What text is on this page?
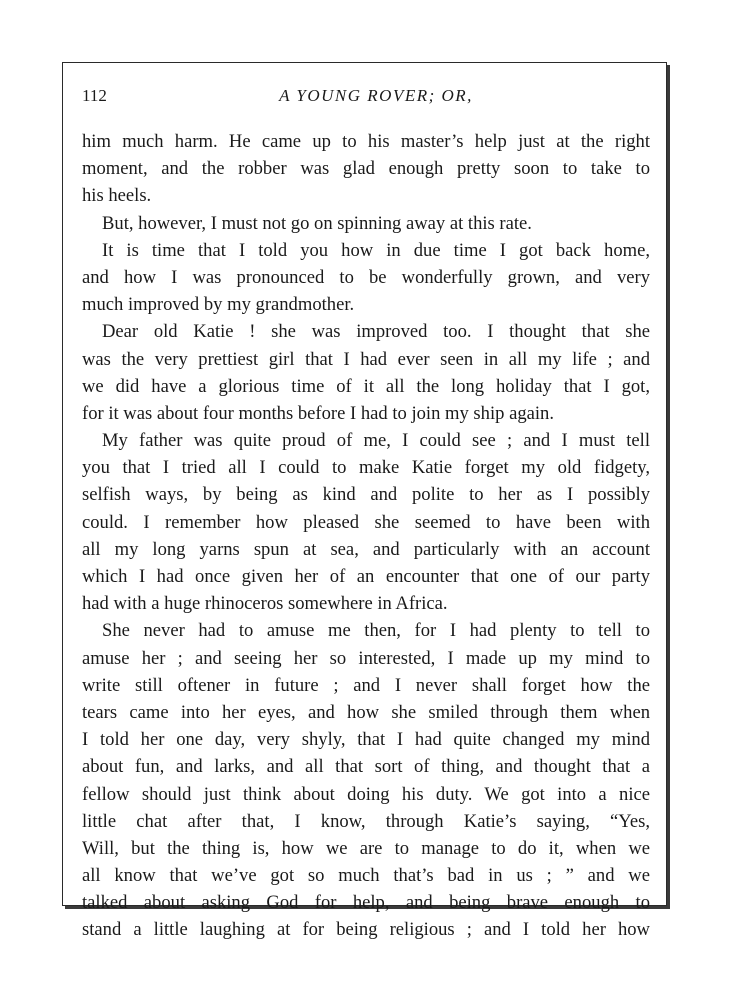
112	A YOUNG ROVER; OR,
him much harm. He came up to his master’s help just at the right
moment, and the robber was glad enough pretty soon to take to
his heels.
But, however, I must not go on spinning away at this rate.
It is time that I told you how in due time I got back home,
and how I was pronounced to be wonderfully grown, and very
much improved by my grandmother.
Dear old Katie ! she was improved too. I thought that she
was the very prettiest girl that I had ever seen in all my life ; and
we did have a glorious time of it all the long holiday that I got,
for it was about four months before I had to join my ship again.
My father was quite proud of me, I could see ; and I must tell
you that I tried all I could to make Katie forget my old fidgety,
selfish ways, by being as kind and polite to her as I possibly
could. I remember how pleased she seemed to have been with
all my long yarns spun at sea, and particularly with an account
which I had once given her of an encounter that one of our party
had with a huge rhinoceros somewhere in Africa.
She never had to amuse me then, for I had plenty to tell to
amuse her ; and seeing her so interested, I made up my mind to
write still oftener in future ; and I never shall forget how the
tears came into her eyes, and how she smiled through them when
I told her one day, very shyly, that I had quite changed my mind
about fun, and larks, and all that sort of thing, and thought that a
fellow should just think about doing his duty. We got into a nice
little chat after that, I know, through Katie’s saying, “Yes,
Will, but the thing is, how we are to manage to do it, when we
all know that we’ve got so much that’s bad in us ; ” and we
talked about asking God for help, and being brave enough to
stand a little laughing at for being religious ; and I told her how
